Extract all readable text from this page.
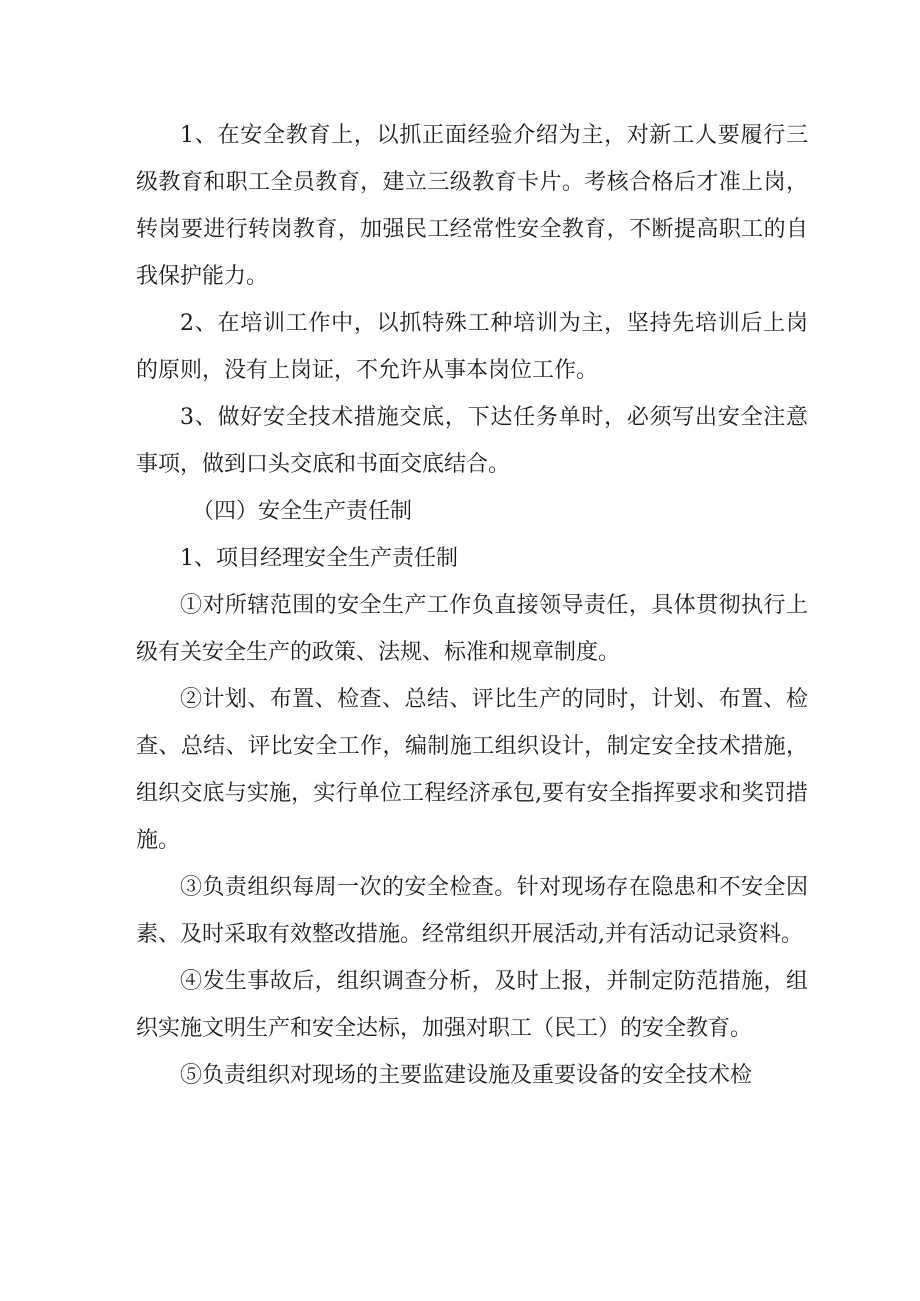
1、在安全教育上，以抓正面经验介绍为主，对新工人要履行三级教育和职工全员教育，建立三级教育卡片。考核合格后才准上岗，转岗要进行转岗教育，加强民工经常性安全教育，不断提高职工的自我保护能力。

2、在培训工作中，以抓特殊工种培训为主，坚持先培训后上岗的原则，没有上岗证，不允许从事本岗位工作。

3、做好安全技术措施交底，下达任务单时，必须写出安全注意事项，做到口头交底和书面交底结合。

（四）安全生产责任制

1、项目经理安全生产责任制

①对所辖范围的安全生产工作负直接领导责任，具体贯彻执行上级有关安全生产的政策、法规、标准和规章制度。

②计划、布置、检查、总结、评比生产的同时，计划、布置、检查、总结、评比安全工作，编制施工组织设计，制定安全技术措施，组织交底与实施，实行单位工程经济承包,要有安全指挥要求和奖罚措施。

③负责组织每周一次的安全检查。针对现场存在隐患和不安全因素、及时采取有效整改措施。经常组织开展活动,并有活动记录资料。

④发生事故后，组织调查分析，及时上报，并制定防范措施，组织实施文明生产和安全达标，加强对职工（民工）的安全教育。

⑤负责组织对现场的主要监建设施及重要设备的安全技术检
